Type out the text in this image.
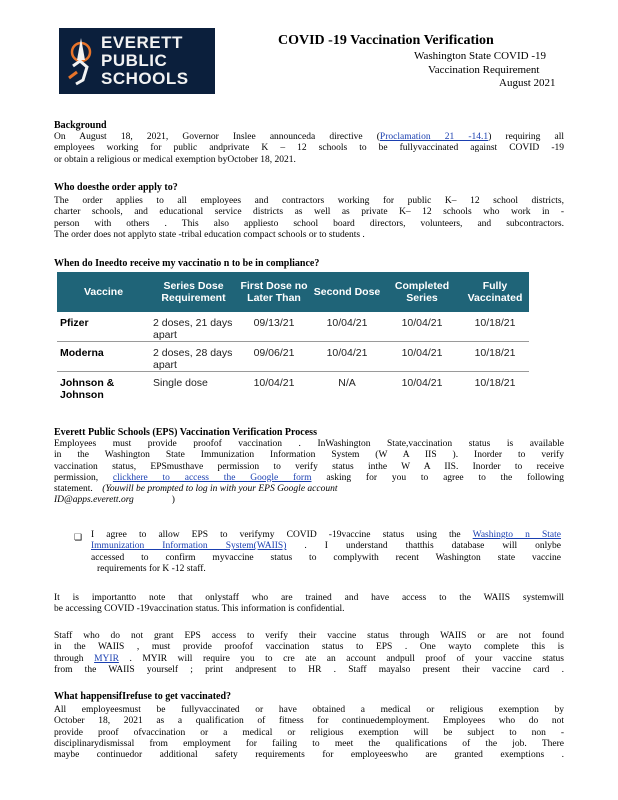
EVERETT
PUBLIC
SCHOOLS
COVID -19 Vaccination Verification
Washington State COVID -19
Vaccination Requirement
August 2021
Background
On August 18, 2021, Governor Inslee announceda directive (Proclamation 21 -14.1) requiring all
employees working for public andprivate K – 12 schools to be fullyvaccinated against COVID -19
or obtain a religious or medical exemption byOctober 18, 2021.
Who doesthe order apply to?
The order applies to all employees and contractors working for public K– 12 school districts,
charter schools, and educational service districts as well as private K– 12 schools who work in -
person with others . This also appliesto school board directors, volunteers, and subcontractors.
The order does not applyto state -tribal education compact schools or to students .
When do Ineedto receive my vaccinatio n to be in compliance?
Vaccine	Series Dose Requirement	First Dose no Later Than	Second Dose	Completed Series	Fully Vaccinated
Pfizer	2 doses, 21 days apart	09/13/21	10/04/21	10/04/21	10/18/21
Moderna	2 doses, 28 days apart	09/06/21	10/04/21	10/04/21	10/18/21
Johnson & Johnson	Single dose	10/04/21	N/A	10/04/21	10/18/21
Everett Public Schools (EPS) Vaccination Verification Process
Employees must provide proofof vaccination . InWashington State,vaccination status is available
in the Washington State Immunization Information System (W A IIS ). Inorder to verify
vaccination status, EPSmusthave permission to verify status inthe W A IIS. Inorder to receive
permission, clickhere to access the Google form asking for you to agree to the following
statement. (Youwill be prompted to log in with your EPS Google account
ID@apps.everett.org	)
❏ I agree to allow EPS to verifymy COVID -19vaccine status using the Washingto n State
Immunization Information System(WAIIS) . I understand thatthis database will onlybe
accessed to confirm myvaccine status to complywith recent Washington state vaccine
requirements for K -12 staff.
It is importantto note that onlystaff who are trained and have access to the WAIIS systemwill
be accessing COVID -19vaccination status. This information is confidential.
Staff who do not grant EPS access to verify their vaccine status through WAIIS or are not found
in the WAIIS , must provide proofof vaccination status to EPS . One wayto complete this is
through MYIR . MYIR will require you to cre ate an account andpull proof of your vaccine status
from the WAIIS yourself ; print andpresent to HR . Staff mayalso present their vaccine card .
What happensifIrefuse to get vaccinated?
All employeesmust be fullyvaccinated or have obtained a medical or religious exemption by
October 18, 2021 as a qualification of fitness for continuedemployment. Employees who do not
provide proof ofvaccination or a medical or religious exemption will be subject to non -
disciplinarydismissal from employment for failing to meet the qualifications of the job. There
maybe continuedor additional safety requirements for employeeswho are granted exemptions .
